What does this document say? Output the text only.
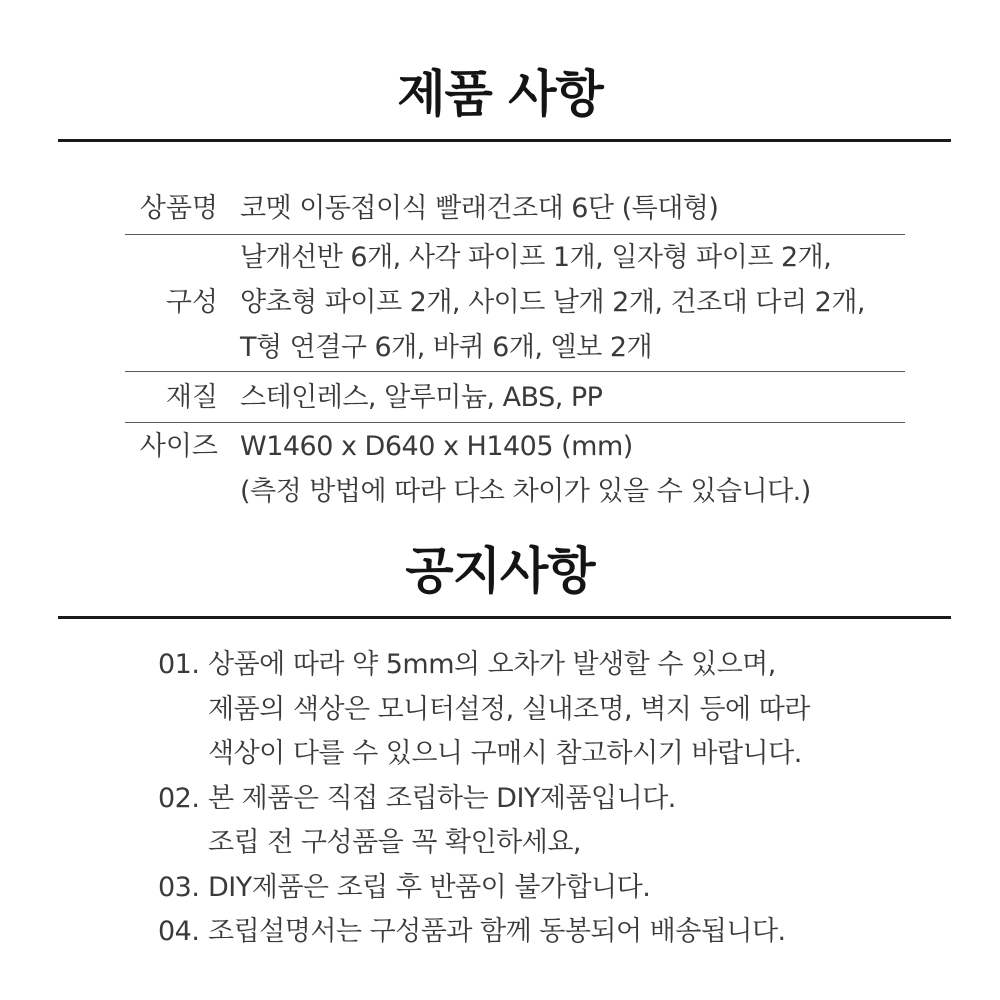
제품 사항
상품명 코멧 이동접이식 빨래건조대 6단 (특대형)
구성
날개선반 6개, 사각 파이프 1개, 일자형 파이프 2개,
양초형 파이프 2개, 사이드 날개 2개, 건조대 다리 2개,
T형 연결구 6개, 바퀴 6개, 엘보 2개
재질 스테인레스, 알루미늄, ABS, PP
사이즈 W1460 x D640 x H1405 (mm)
(측정 방법에 따라 다소 차이가 있을 수 있습니다.)
공지사항
01. 상품에 따라 약 5mm의 오차가 발생할 수 있으며,
제품의 색상은 모니터설정, 실내조명, 벽지 등에 따라
색상이 다를 수 있으니 구매시 참고하시기 바랍니다.
02. 본 제품은 직접 조립하는 DIY제품입니다.
조립 전 구성품을 꼭 확인하세요,
03. DIY제품은 조립 후 반품이 불가합니다.
04. 조립설명서는 구성품과 함께 동봉되어 배송됩니다.
